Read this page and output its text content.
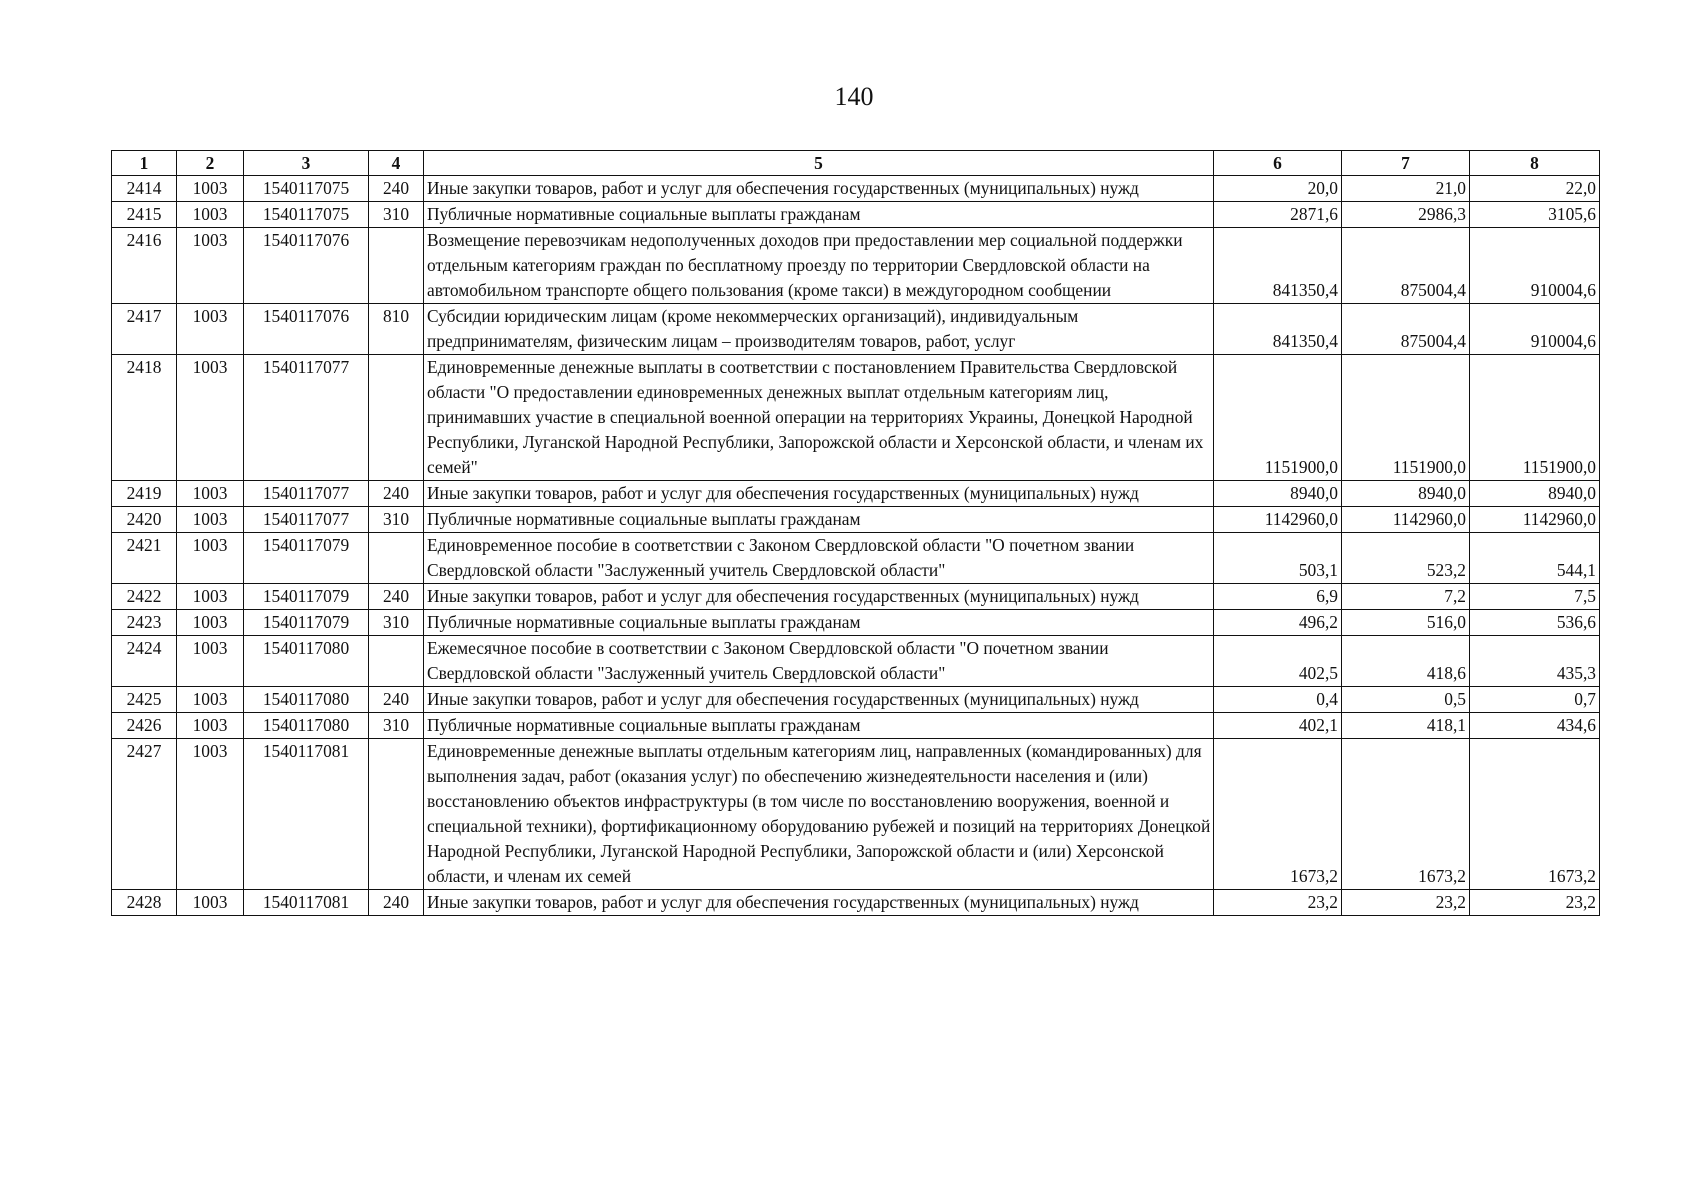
140
1	2	3	4	5	6	7	8
2414	1003	1540117075	240	Иные закупки товаров, работ и услуг для обеспечения государственных (муниципальных) нужд	20,0	21,0	22,0
2415	1003	1540117075	310	Публичные нормативные социальные выплаты гражданам	2871,6	2986,3	3105,6
2416	1003	1540117076		Возмещение перевозчикам недополученных доходов при предоставлении мер социальной поддержки отдельным категориям граждан по бесплатному проезду по территории Свердловской области на автомобильном транспорте общего пользования (кроме такси) в междугородном сообщении	841350,4	875004,4	910004,6
2417	1003	1540117076	810	Субсидии юридическим лицам (кроме некоммерческих организаций), индивидуальным предпринимателям, физическим лицам – производителям товаров, работ, услуг	841350,4	875004,4	910004,6
2418	1003	1540117077		Единовременные денежные выплаты в соответствии с постановлением Правительства Свердловской области "О предоставлении единовременных денежных выплат отдельным категориям лиц, принимавших участие в специальной военной операции на территориях Украины, Донецкой Народной Республики, Луганской Народной Республики, Запорожской области и Херсонской области, и членам их семей"	1151900,0	1151900,0	1151900,0
2419	1003	1540117077	240	Иные закупки товаров, работ и услуг для обеспечения государственных (муниципальных) нужд	8940,0	8940,0	8940,0
2420	1003	1540117077	310	Публичные нормативные социальные выплаты гражданам	1142960,0	1142960,0	1142960,0
2421	1003	1540117079		Единовременное пособие в соответствии с Законом Свердловской области "О почетном звании Свердловской области "Заслуженный учитель Свердловской области"	503,1	523,2	544,1
2422	1003	1540117079	240	Иные закупки товаров, работ и услуг для обеспечения государственных (муниципальных) нужд	6,9	7,2	7,5
2423	1003	1540117079	310	Публичные нормативные социальные выплаты гражданам	496,2	516,0	536,6
2424	1003	1540117080		Ежемесячное пособие в соответствии с Законом Свердловской области "О почетном звании Свердловской области "Заслуженный учитель Свердловской области"	402,5	418,6	435,3
2425	1003	1540117080	240	Иные закупки товаров, работ и услуг для обеспечения государственных (муниципальных) нужд	0,4	0,5	0,7
2426	1003	1540117080	310	Публичные нормативные социальные выплаты гражданам	402,1	418,1	434,6
2427	1003	1540117081		Единовременные денежные выплаты отдельным категориям лиц, направленных (командированных) для выполнения задач, работ (оказания услуг) по обеспечению жизнедеятельности населения и (или) восстановлению объектов инфраструктуры (в том числе по восстановлению вооружения, военной и специальной техники), фортификационному оборудованию рубежей и позиций на территориях Донецкой Народной Республики, Луганской Народной Республики, Запорожской области и (или) Херсонской области, и членам их семей	1673,2	1673,2	1673,2
2428	1003	1540117081	240	Иные закупки товаров, работ и услуг для обеспечения государственных (муниципальных) нужд	23,2	23,2	23,2
